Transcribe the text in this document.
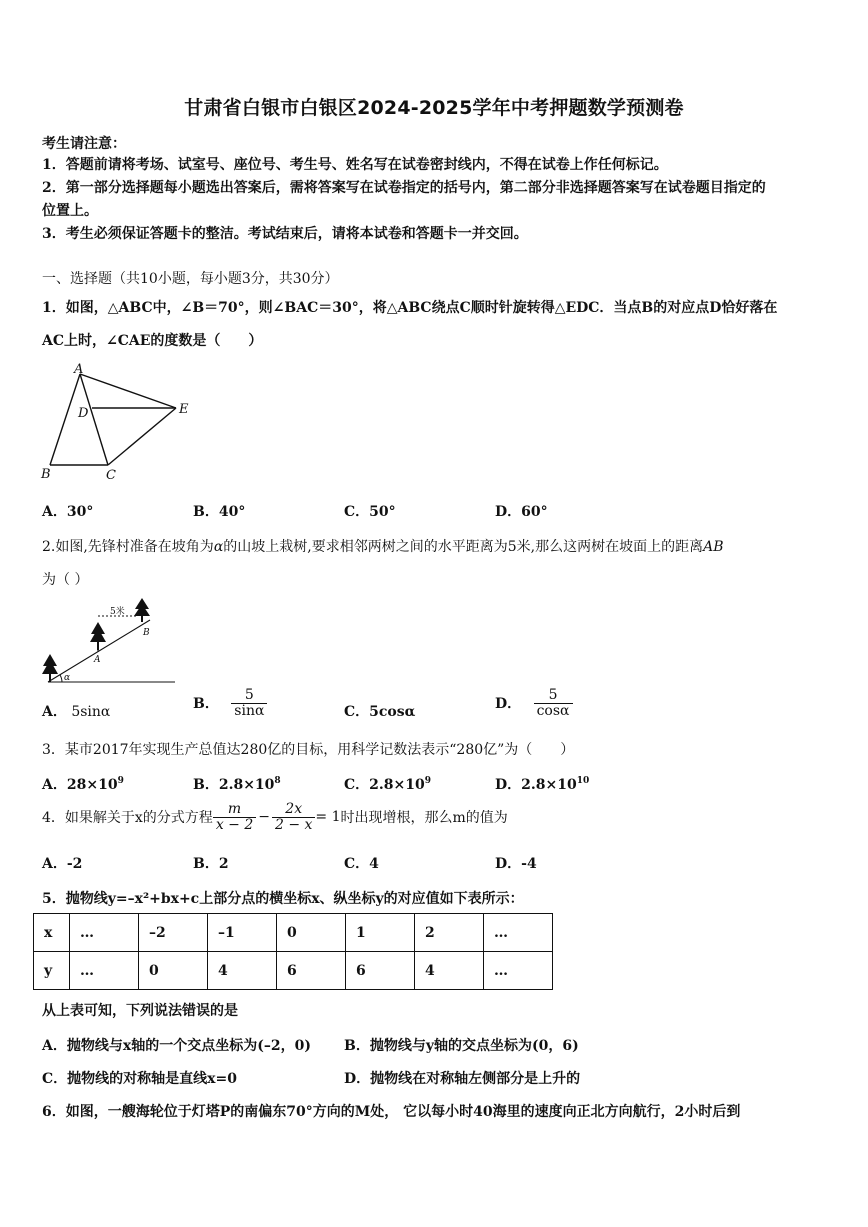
甘肃省白银市白银区2024-2025学年中考押题数学预测卷
考生请注意：
1．答题前请将考场、试室号、座位号、考生号、姓名写在试卷密封线内，不得在试卷上作任何标记。
2．第一部分选择题每小题选出答案后，需将答案写在试卷指定的括号内，第二部分非选择题答案写在试卷题目指定的
位置上。
3．考生必须保证答题卡的整洁。考试结束后，请将本试卷和答题卡一并交回。
一、选择题（共10小题，每小题3分，共30分）
1．如图，△ABC中，∠B＝70°，则∠BAC＝30°，将△ABC绕点C顺时针旋转得△EDC．当点B的对应点D恰好落在
AC上时，∠CAE的度数是（　　）
A
D	E
B	C
A．30°	B．40°	C．50°	D．60°
2.如图,先锋村准备在坡角为α的山坡上栽树,要求相邻两树之间的水平距离为5米,那么这两树在坡面上的距离AB
为（ ）
5米
A
B
α
A． 5sinα	B． $\frac{5}{\sin\alpha}$	C．5cosα	D． $\frac{5}{\cos\alpha}$
3．某市2017年实现生产总值达280亿的目标，用科学记数法表示“280亿”为（　　）
A．$28\times 10^9$	B．$2.8\times 10^8$	C．$2.8\times 10^9$	D．$2.8\times 10^{10}$
4．如果解关于x的分式方程 $\frac{m}{x - 2} - \frac{2x}{2 - x} = 1$时出现增根，那么m的值为
A．-2	B．2	C．4	D．-4
5．抛物线y=–x²+bx+c上部分点的横坐标x、纵坐标y的对应值如下表所示：
x	…	–2	–1	0	1	2	…
y	…	0	4	6	6	4	…
从上表可知，下列说法错误的是
A．抛物线与x轴的一个交点坐标为(–2，0) B．抛物线与y轴的交点坐标为(0，6)
C．抛物线的对称轴是直线x=0	D．抛物线在对称轴左侧部分是上升的
6．如图，一艘海轮位于灯塔P的南偏东70°方向的M处， 它以每小时40海里的速度向正北方向航行，2小时后到
